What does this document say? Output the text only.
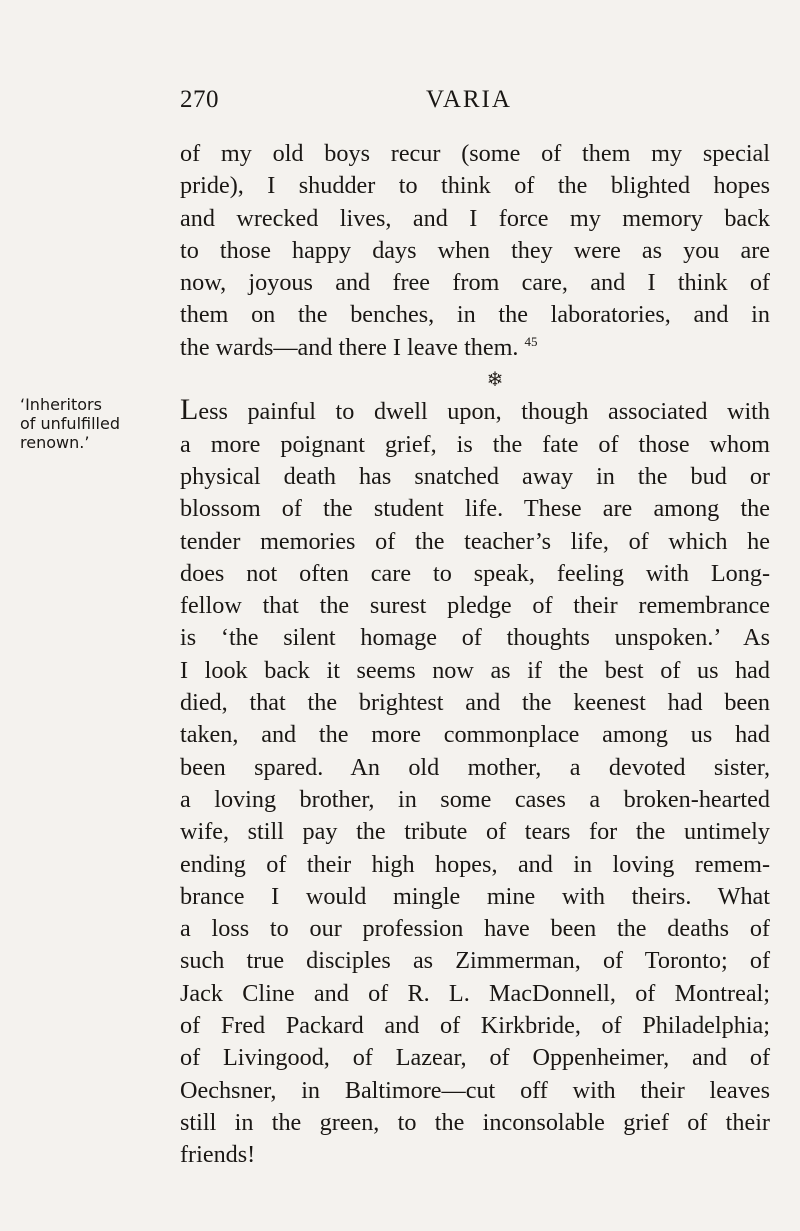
270	VARIA
‘Inheritors
of unfulfilled
renown.’
of my old boys recur (some of them my special
pride), I shudder to think of the blighted hopes
and wrecked lives, and I force my memory back
to those happy days when they were as you are
now, joyous and free from care, and I think of
them on the benches, in the laboratories, and in
the wards—and there I leave them. $^{45}$
❄
Less painful to dwell upon, though associated with
a more poignant grief, is the fate of those whom
physical death has snatched away in the bud or
blossom of the student life. These are among the
tender memories of the teacher’s life, of which he
does not often care to speak, feeling with Long-
fellow that the surest pledge of their remembrance
is ‘the silent homage of thoughts unspoken.’ As
I look back it seems now as if the best of us had
died, that the brightest and the keenest had been
taken, and the more commonplace among us had
been spared. An old mother, a devoted sister,
a loving brother, in some cases a broken-hearted
wife, still pay the tribute of tears for the untimely
ending of their high hopes, and in loving remem-
brance I would mingle mine with theirs. What
a loss to our profession have been the deaths of
such true disciples as Zimmerman, of Toronto; of
Jack Cline and of R. L. MacDonnell, of Montreal;
of Fred Packard and of Kirkbride, of Philadelphia;
of Livingood, of Lazear, of Oppenheimer, and of
Oechsner, in Baltimore—cut off with their leaves
still in the green, to the inconsolable grief of their
friends!
